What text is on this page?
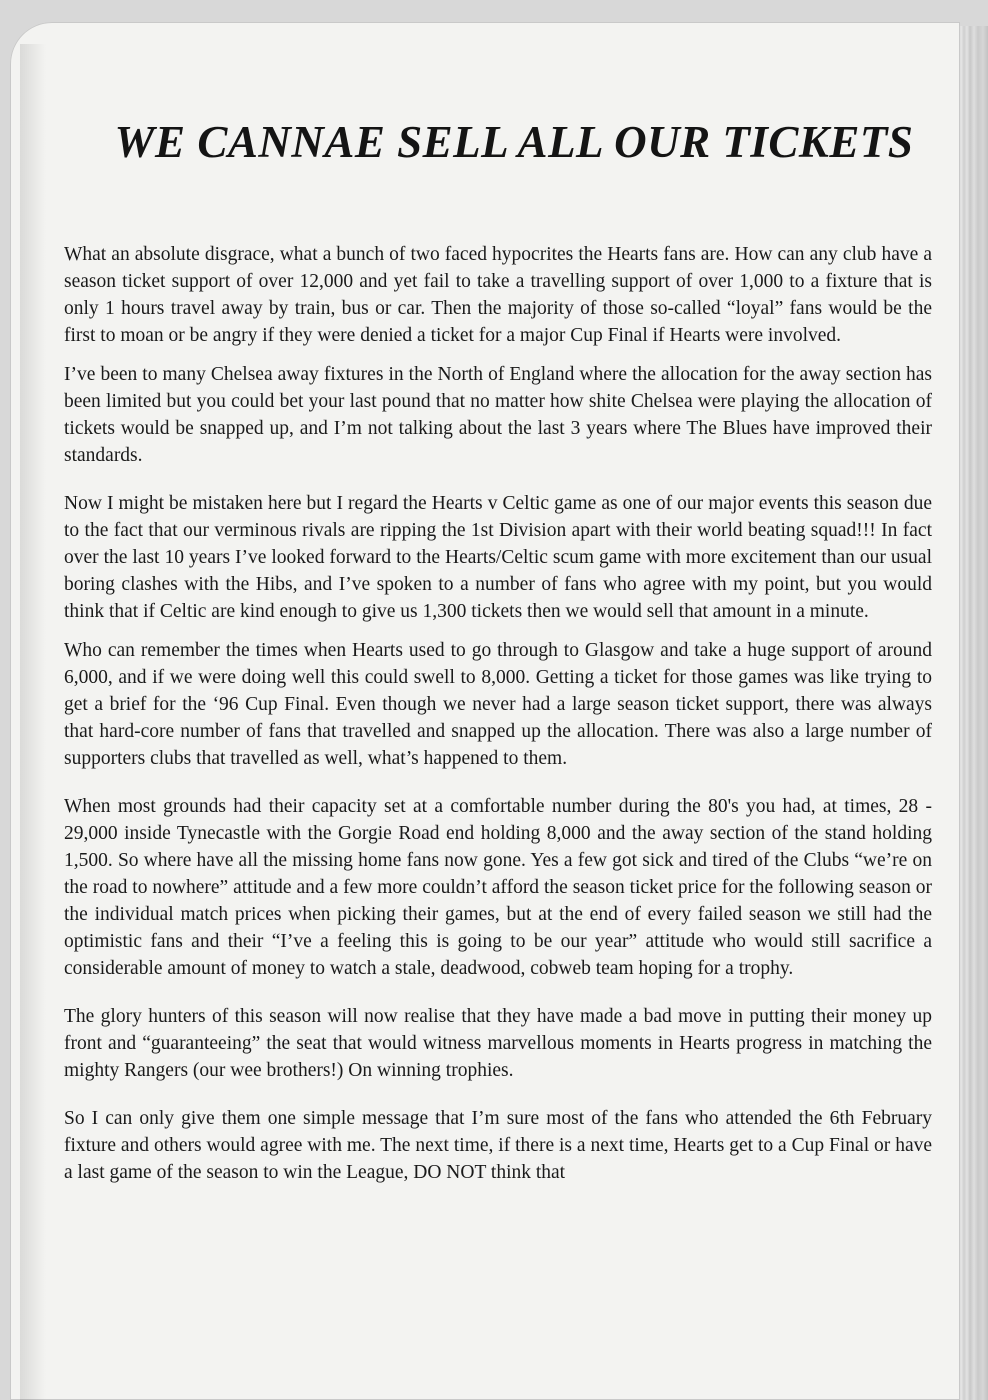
WE CANNAE SELL ALL OUR TICKETS

What an absolute disgrace, what a bunch of two faced hypocrites the Hearts fans are. How can any club have a season ticket support of over 12,000 and yet fail to take a travelling support of over 1,000 to a fixture that is only 1 hours travel away by train, bus or car. Then the majority of those so-called “loyal” fans would be the first to moan or be angry if they were denied a ticket for a major Cup Final if Hearts were involved.

I’ve been to many Chelsea away fixtures in the North of England where the allocation for the away section has been limited but you could bet your last pound that no matter how shite Chelsea were playing the allocation of tickets would be snapped up, and I’m not talking about the last 3 years where The Blues have improved their standards.

Now I might be mistaken here but I regard the Hearts v Celtic game as one of our major events this season due to the fact that our verminous rivals are ripping the 1st Division apart with their world beating squad!!! In fact over the last 10 years I’ve looked forward to the Hearts/Celtic scum game with more excitement than our usual boring clashes with the Hibs, and I’ve spoken to a number of fans who agree with my point, but you would think that if Celtic are kind enough to give us 1,300 tickets then we would sell that amount in a minute.

Who can remember the times when Hearts used to go through to Glasgow and take a huge support of around 6,000, and if we were doing well this could swell to 8,000. Getting a ticket for those games was like trying to get a brief for the ‘96 Cup Final. Even though we never had a large season ticket support, there was always that hard-core number of fans that travelled and snapped up the allocation. There was also a large number of supporters clubs that travelled as well, what’s happened to them.

When most grounds had their capacity set at a comfortable number during the 80's you had, at times, 28 - 29,000 inside Tynecastle with the Gorgie Road end holding 8,000 and the away section of the stand holding 1,500. So where have all the missing home fans now gone. Yes a few got sick and tired of the Clubs “we’re on the road to nowhere” attitude and a few more couldn’t afford the season ticket price for the following season or the individual match prices when picking their games, but at the end of every failed season we still had the optimistic fans and their “I’ve a feeling this is going to be our year” attitude who would still sacrifice a considerable amount of money to watch a stale, deadwood, cobweb team hoping for a trophy.

The glory hunters of this season will now realise that they have made a bad move in putting their money up front and “guaranteeing” the seat that would witness marvellous moments in Hearts progress in matching the mighty Rangers (our wee brothers!) On winning trophies.

So I can only give them one simple message that I’m sure most of the fans who attended the 6th February fixture and others would agree with me. The next time, if there is a next time, Hearts get to a Cup Final or have a last game of the season to win the League, DO NOT think that
